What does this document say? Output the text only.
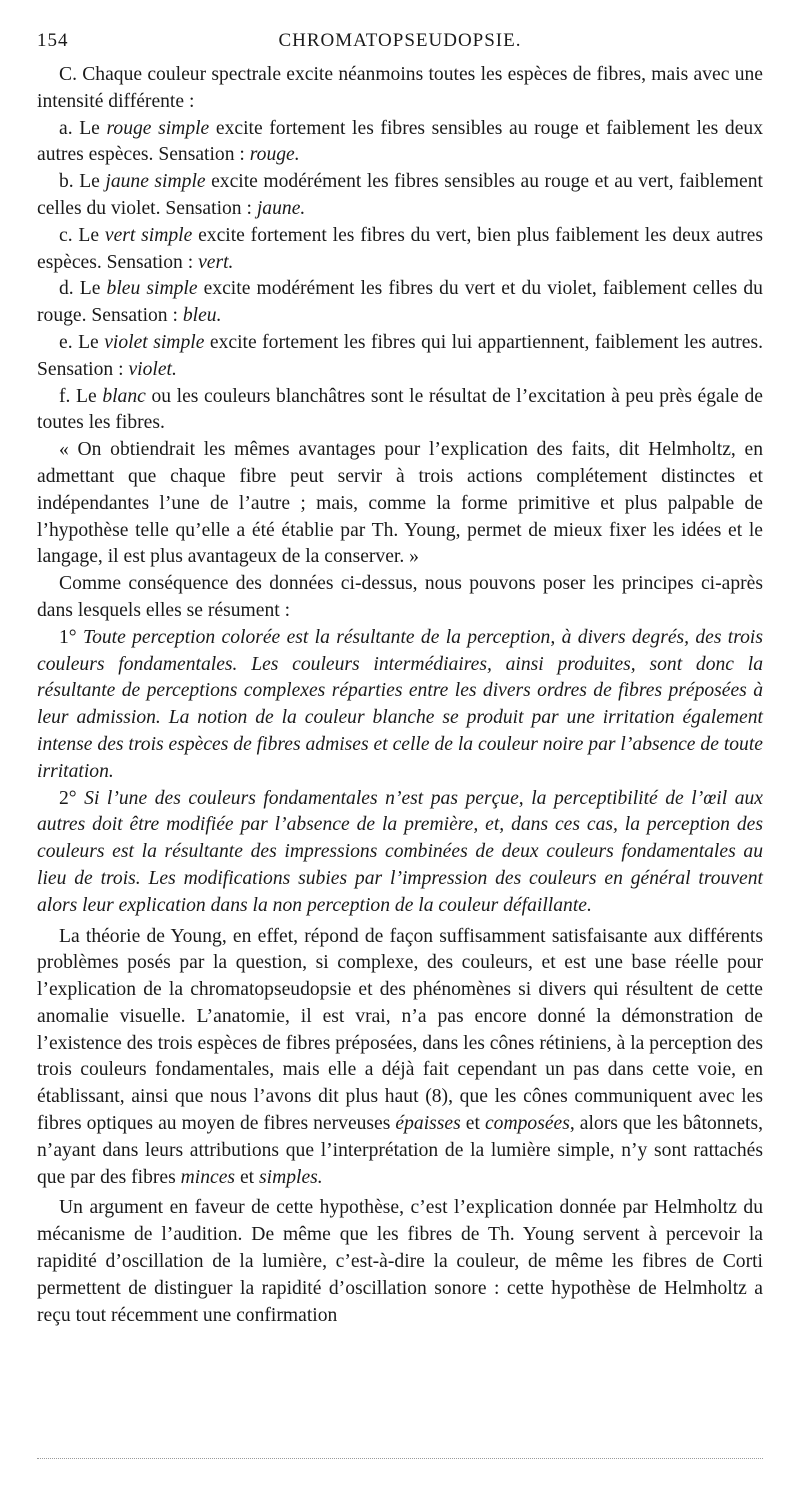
154	CHROMATOPSEUDOPSIE.

C. Chaque couleur spectrale excite néanmoins toutes les espèces de fibres, mais avec une intensité différente :

a. Le rouge simple excite fortement les fibres sensibles au rouge et faiblement les deux autres espèces. Sensation : rouge.

b. Le jaune simple excite modérément les fibres sensibles au rouge et au vert, faiblement celles du violet. Sensation : jaune.

c. Le vert simple excite fortement les fibres du vert, bien plus faiblement les deux autres espèces. Sensation : vert.

d. Le bleu simple excite modérément les fibres du vert et du violet, faiblement celles du rouge. Sensation : bleu.

e. Le violet simple excite fortement les fibres qui lui appartiennent, faiblement les autres. Sensation : violet.

f. Le blanc ou les couleurs blanchâtres sont le résultat de l’excitation à peu près égale de toutes les fibres.

« On obtiendrait les mêmes avantages pour l’explication des faits, dit Helmholtz, en admettant que chaque fibre peut servir à trois actions complétement distinctes et indépendantes l’une de l’autre ; mais, comme la forme primitive et plus palpable de l’hypothèse telle qu’elle a été établie par Th. Young, permet de mieux fixer les idées et le langage, il est plus avantageux de la conserver. »

Comme conséquence des données ci-dessus, nous pouvons poser les principes ci-après dans lesquels elles se résument :

1° Toute perception colorée est la résultante de la perception, à divers degrés, des trois couleurs fondamentales. Les couleurs intermédiaires, ainsi produites, sont donc la résultante de perceptions complexes réparties entre les divers ordres de fibres préposées à leur admission. La notion de la couleur blanche se produit par une irritation également intense des trois espèces de fibres admises et celle de la couleur noire par l’absence de toute irritation.

2° Si l’une des couleurs fondamentales n’est pas perçue, la perceptibilité de l’œil aux autres doit être modifiée par l’absence de la première, et, dans ces cas, la perception des couleurs est la résultante des impressions combinées de deux couleurs fondamentales au lieu de trois. Les modifications subies par l’impression des couleurs en général trouvent alors leur explication dans la non perception de la couleur défaillante.

La théorie de Young, en effet, répond de façon suffisamment satisfaisante aux différents problèmes posés par la question, si complexe, des couleurs, et est une base réelle pour l’explication de la chromatopseudopsie et des phénomènes si divers qui résultent de cette anomalie visuelle. L’anatomie, il est vrai, n’a pas encore donné la démonstration de l’existence des trois espèces de fibres préposées, dans les cônes rétiniens, à la perception des trois couleurs fondamentales, mais elle a déjà fait cependant un pas dans cette voie, en établissant, ainsi que nous l’avons dit plus haut (8), que les cônes communiquent avec les fibres optiques au moyen de fibres nerveuses épaisses et composées, alors que les bâtonnets, n’ayant dans leurs attributions que l’interprétation de la lumière simple, n’y sont rattachés que par des fibres minces et simples.

Un argument en faveur de cette hypothèse, c’est l’explication donnée par Helmholtz du mécanisme de l’audition. De même que les fibres de Th. Young servent à percevoir la rapidité d’oscillation de la lumière, c’est-à-dire la couleur, de même les fibres de Corti permettent de distinguer la rapidité d’oscillation sonore : cette hypothèse de Helmholtz a reçu tout récemment une confirmation
